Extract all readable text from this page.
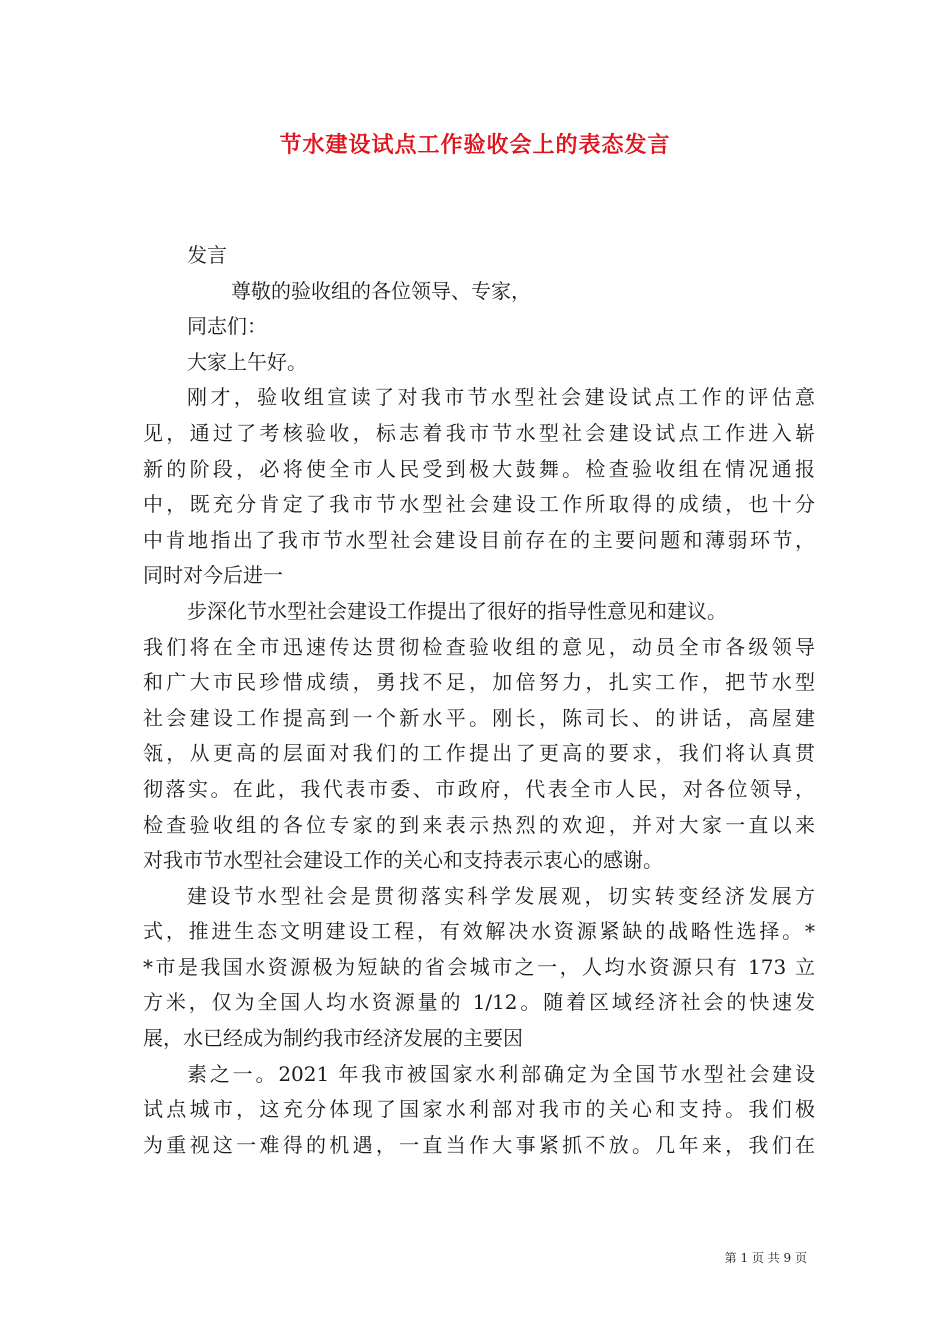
节水建设试点工作验收会上的表态发言
发言
尊敬的验收组的各位领导、专家，
同志们：
大家上午好。
刚才，验收组宣读了对我市节水型社会建设试点工作的评估意
见，通过了考核验收，标志着我市节水型社会建设试点工作进入崭
新的阶段，必将使全市人民受到极大鼓舞。检查验收组在情况通报
中，既充分肯定了我市节水型社会建设工作所取得的成绩，也十分
中肯地指出了我市节水型社会建设目前存在的主要问题和薄弱环节，
同时对今后进一
步深化节水型社会建设工作提出了很好的指导性意见和建议。
我们将在全市迅速传达贯彻检查验收组的意见，动员全市各级领导
和广大市民珍惜成绩，勇找不足，加倍努力，扎实工作，把节水型
社会建设工作提高到一个新水平。刚长，陈司长、的讲话，高屋建
瓴，从更高的层面对我们的工作提出了更高的要求，我们将认真贯
彻落实。在此，我代表市委、市政府，代表全市人民，对各位领导，
检查验收组的各位专家的到来表示热烈的欢迎，并对大家一直以来
对我市节水型社会建设工作的关心和支持表示衷心的感谢。
建设节水型社会是贯彻落实科学发展观，切实转变经济发展方
式，推进生态文明建设工程，有效解决水资源紧缺的战略性选择。*
*市是我国水资源极为短缺的省会城市之一，人均水资源只有 173 立
方米，仅为全国人均水资源量的 1/12。随着区域经济社会的快速发
展，水已经成为制约我市经济发展的主要因
素之一。2021 年我市被国家水利部确定为全国节水型社会建设
试点城市，这充分体现了国家水利部对我市的关心和支持。我们极
为重视这一难得的机遇，一直当作大事紧抓不放。几年来，我们在
第 1 页 共 9 页
